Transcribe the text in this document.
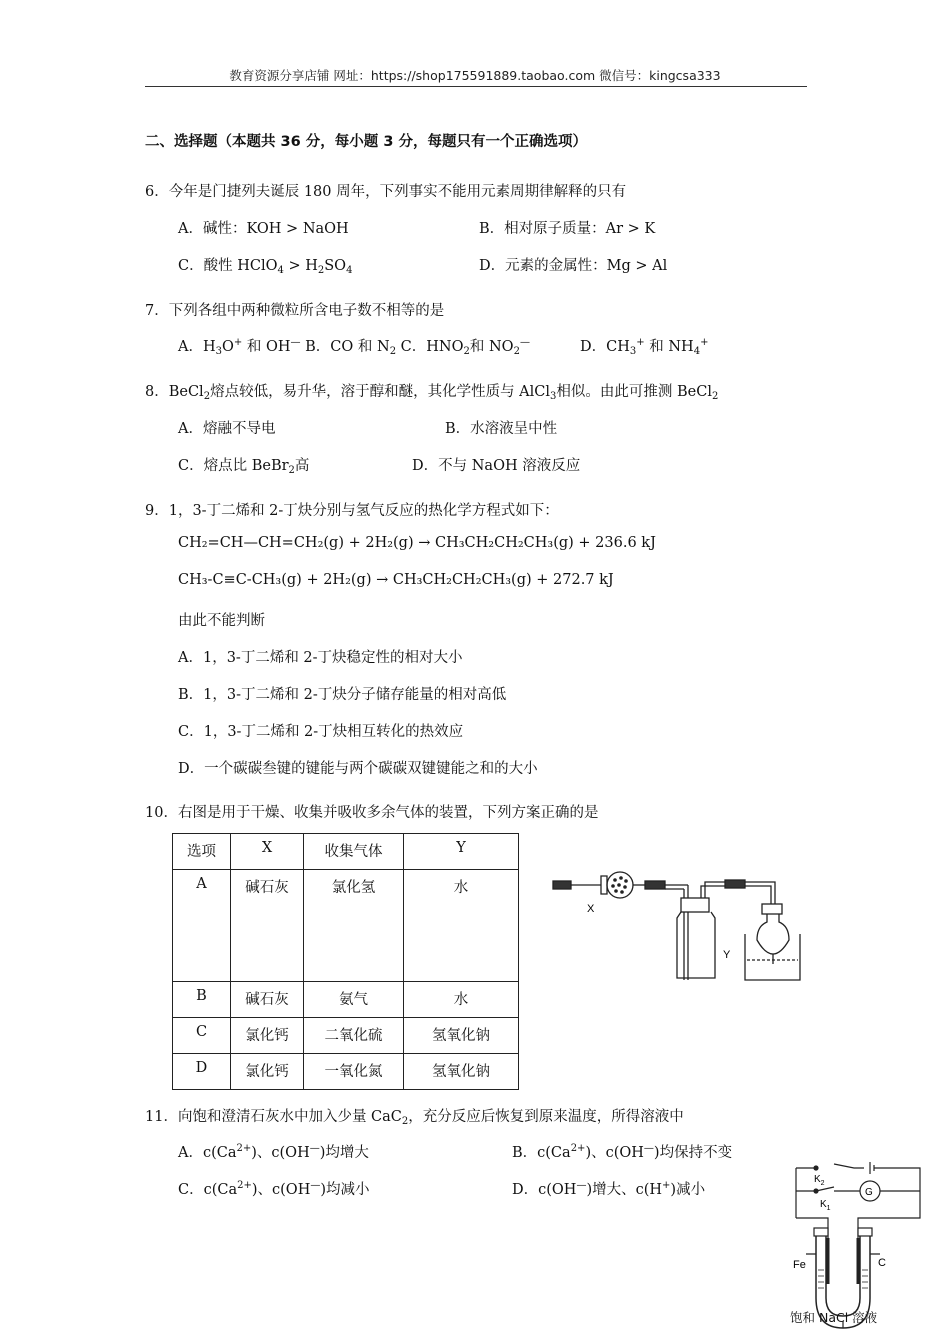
教育资源分享店铺 网址：https://shop175591889.taobao.com 微信号：kingcsa333
二、选择题（本题共 36 分，每小题 3 分，每题只有一个正确选项）
6．今年是门捷列夫诞辰 180 周年，下列事实不能用元素周期律解释的只有
A．碱性：KOH > NaOH	B．相对原子质量：Ar > K
C．酸性 HClO$_4$ > $H_2SO_4$	D．元素的金属性：Mg > Al
7．下列各组中两种微粒所含电子数不相等的是
A．$H_3O^+$ 和 OH— B．CO 和 $N_2$ C．$HNO_2$和 $NO_2^—$	D．$CH_3^+$ 和 $NH_4^+$
8．BeCl$_2$熔点较低，易升华，溶于醇和醚，其化学性质与 AlCl$_3$相似。由此可推测 BeCl$_2$
A．熔融不导电	B．水溶液呈中性
C．熔点比 BeBr$_2$高	D．不与 NaOH 溶液反应
9．1，3-丁二烯和 2-丁炔分别与氢气反应的热化学方程式如下：
CH₂=CH—CH=CH₂(g) + 2H₂(g) → CH₃CH₂CH₂CH₃(g) + 236.6 kJ
CH₃-C≡C-CH₃(g) + 2H₂(g) → CH₃CH₂CH₂CH₃(g) + 272.7 kJ
由此不能判断
A．1，3-丁二烯和 2-丁炔稳定性的相对大小
B．1，3-丁二烯和 2-丁炔分子储存能量的相对高低
C．1，3-丁二烯和 2-丁炔相互转化的热效应
D．一个碳碳叁键的键能与两个碳碳双键键能之和的大小
10．右图是用于干燥、收集并吸收多余气体的装置，下列方案正确的是
选项	X	收集气体	Y

A	碱石灰	氯化氢	水

B	碱石灰	氨气	水

C	氯化钙	二氧化硫	氢氧化钠

D	氯化钙	一氧化氮	氢氧化钠
X
Y
11．向饱和澄清石灰水中加入少量 CaC$_2$，充分反应后恢复到原来温度，所得溶液中
A．$c(Ca^{2+})$、c(OH—)均增大	B．$c(Ca^{2+})$、c(OH—)均保持不变
C．$c(Ca^{2+})$、c(OH—)均减小	D．c(OH—)增大、c(H+)减小
$K_2$
$K_1$
G
Fe	C
饱和 NaCl 溶液
